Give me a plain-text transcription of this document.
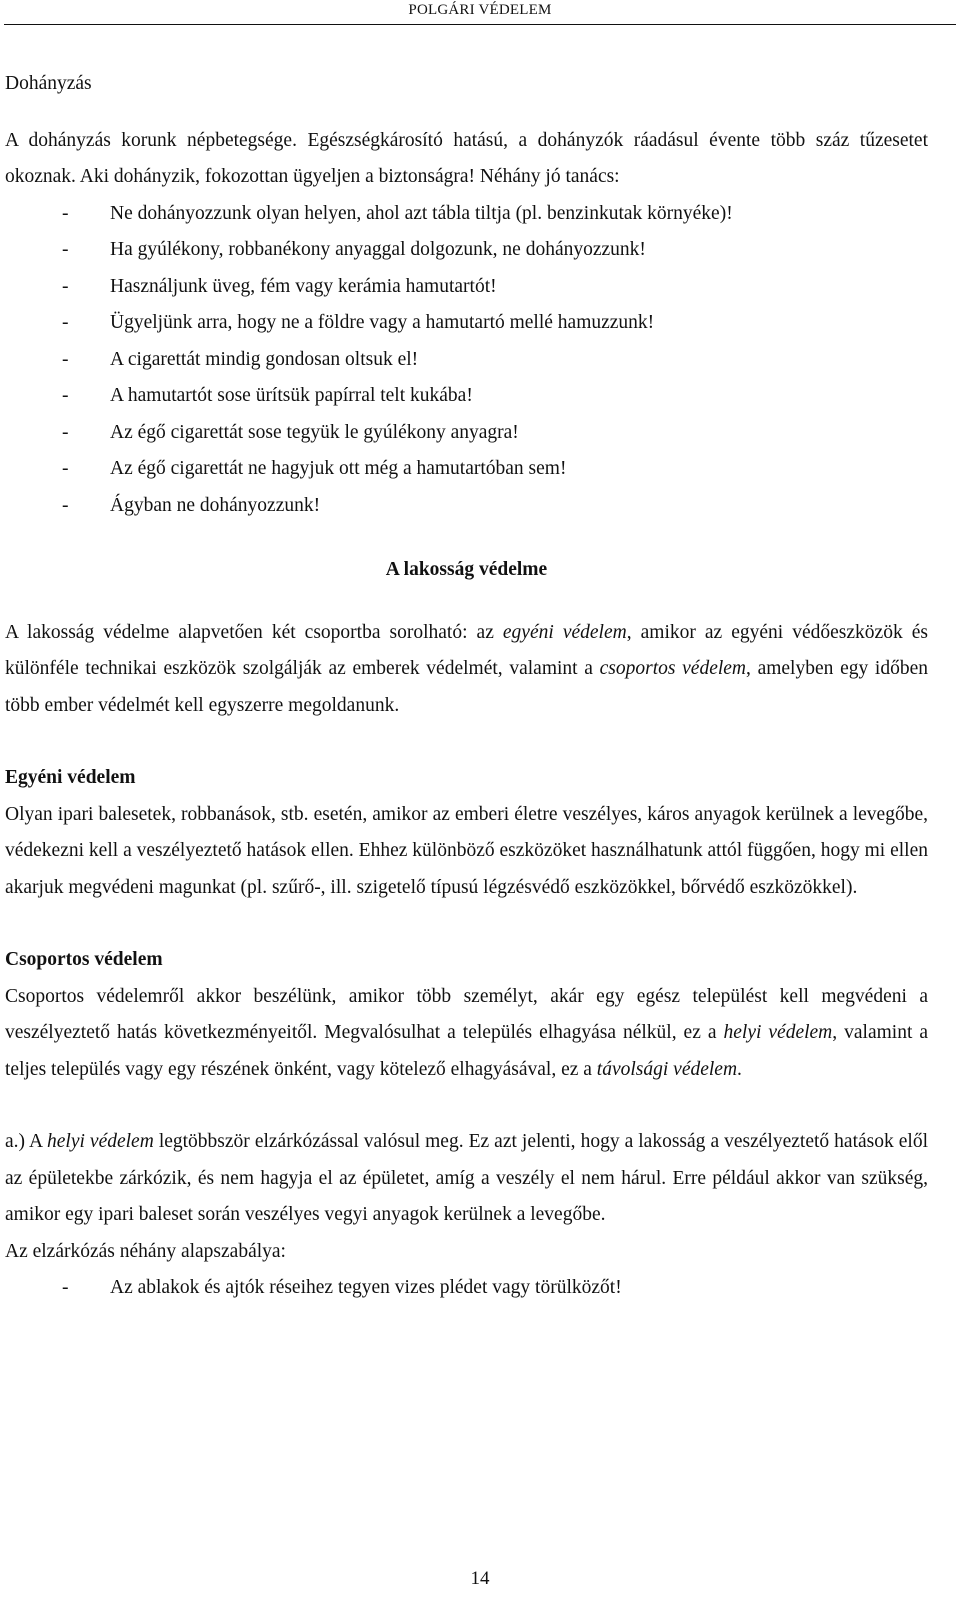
POLGÁRI VÉDELEM

Dohányzás

A dohányzás korunk népbetegsége. Egészségkárosító hatású, a dohányzók ráadásul évente több száz tűzesetet okoznak. Aki dohányzik, fokozottan ügyeljen a biztonságra! Néhány jó tanács:

- Ne dohányozzunk olyan helyen, ahol azt tábla tiltja (pl. benzinkutak környéke)!
- Ha gyúlékony, robbanékony anyaggal dolgozunk, ne dohányozzunk!
- Használjunk üveg, fém vagy kerámia hamutartót!
- Ügyeljünk arra, hogy ne a földre vagy a hamutartó mellé hamuzzunk!
- A cigarettát mindig gondosan oltsuk el!
- A hamutartót sose ürítsük papírral telt kukába!
- Az égő cigarettát sose tegyük le gyúlékony anyagra!
- Az égő cigarettát ne hagyjuk ott még a hamutartóban sem!
- Ágyban ne dohányozzunk!

A lakosság védelme

A lakosság védelme alapvetően két csoportba sorolható: az egyéni védelem, amikor az egyéni védőeszközök és különféle technikai eszközök szolgálják az emberek védelmét, valamint a csoportos védelem, amelyben egy időben több ember védelmét kell egyszerre megoldanunk.

Egyéni védelem

Olyan ipari balesetek, robbanások, stb. esetén, amikor az emberi életre veszélyes, káros anyagok kerülnek a levegőbe, védekezni kell a veszélyeztető hatások ellen. Ehhez különböző eszközöket használhatunk attól függően, hogy mi ellen akarjuk megvédeni magunkat (pl. szűrő-, ill. szigetelő típusú légzésvédő eszközökkel, bőrvédő eszközökkel).

Csoportos védelem

Csoportos védelemről akkor beszélünk, amikor több személyt, akár egy egész települést kell megvédeni a veszélyeztető hatás következményeitől. Megvalósulhat a település elhagyása nélkül, ez a helyi védelem, valamint a teljes település vagy egy részének önként, vagy kötelező elhagyásával, ez a távolsági védelem.

a.) A helyi védelem legtöbbször elzárkózással valósul meg. Ez azt jelenti, hogy a lakosság a veszélyeztető hatások elől az épületekbe zárkózik, és nem hagyja el az épületet, amíg a veszély el nem hárul. Erre például akkor van szükség, amikor egy ipari baleset során veszélyes vegyi anyagok kerülnek a levegőbe.

Az elzárkózás néhány alapszabálya:

- Az ablakok és ajtók réseihez tegyen vizes plédet vagy törülközőt!
14
